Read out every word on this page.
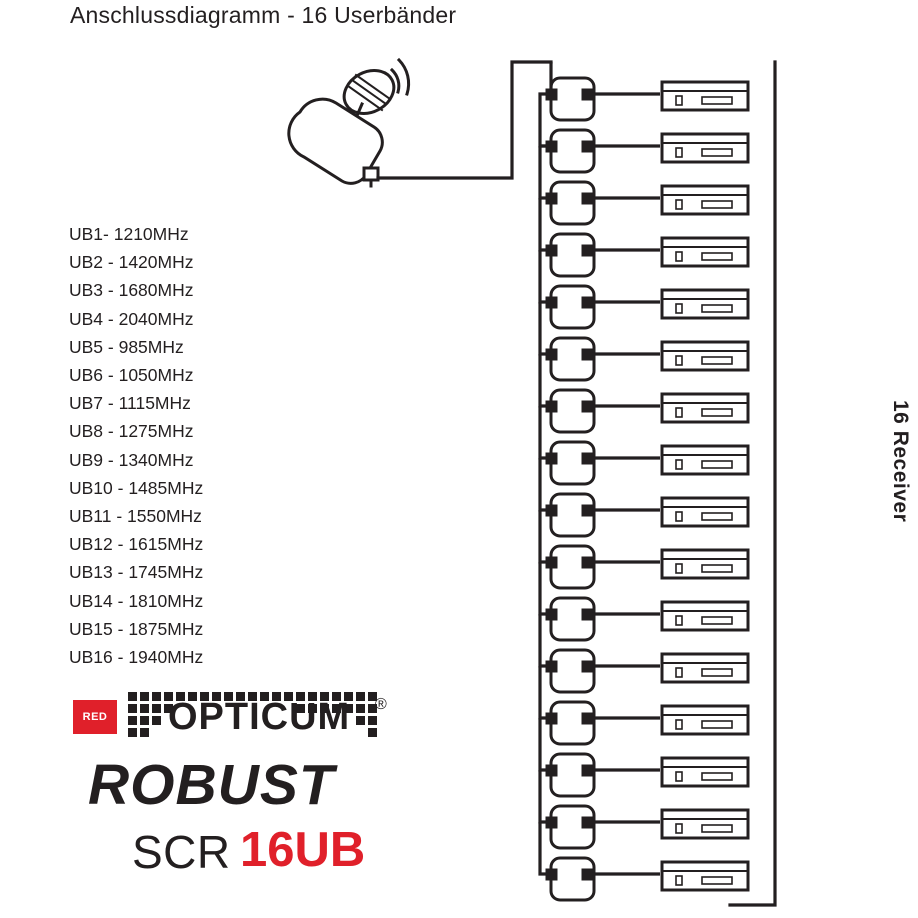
Anschlussdiagramm - 16 Userbänder
UB1- 1210MHz
UB2 - 1420MHz
UB3 - 1680MHz
UB4 - 2040MHz
UB5 - 985MHz
UB6 - 1050MHz
UB7 - 1115MHz
UB8 - 1275MHz
UB9 - 1340MHz
UB10 - 1485MHz
UB11 - 1550MHz
UB12 - 1615MHz
UB13 - 1745MHz
UB14 - 1810MHz
UB15 - 1875MHz
UB16 - 1940MHz
16 Receiver
RED OPTICUM ®
ROBUST
SCR 16UB
